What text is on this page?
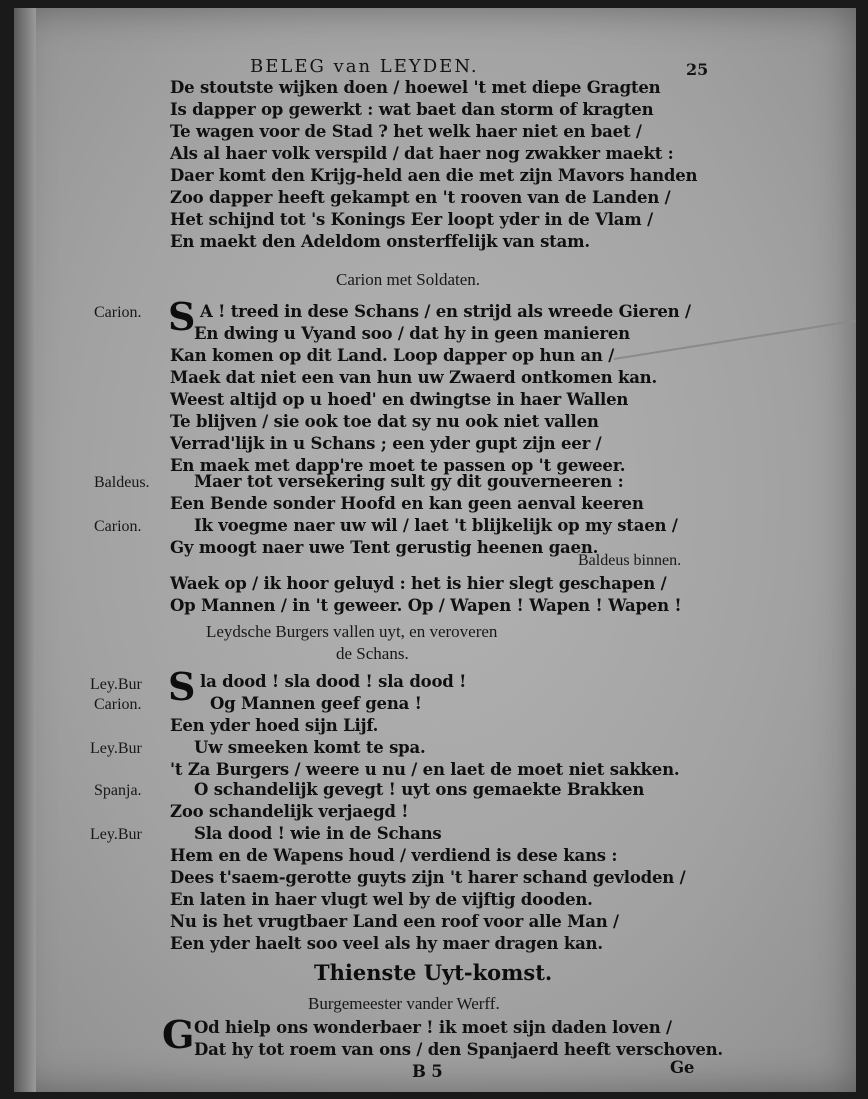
BELEG van LEYDEN.	25
De stoutste wijken doen / hoewel 't met diepe Gragten
Is dapper op gewerkt : wat baet dan storm of kragten
Te wagen voor de Stad ? het welk haer niet en baet /
Als al haer volk verspild / dat haer nog zwakker maekt :
Daer komt den Krijg-held aen die met zijn Mavors handen
Zoo dapper heeft gekampt en 't rooven van de Landen /
Het schijnd tot 's Konings Eer loopt yder in de Vlam /
En maekt den Adeldom onsterffelijk van stam.
Carion met Soldaten.
Carion. S A ! treed in dese Schans / en strijd als wreede Gieren /
En dwing u Vyand soo / dat hy in geen manieren
Kan komen op dit Land. Loop dapper op hun an /
Maek dat niet een van hun uw Zwaerd ontkomen kan.
Weest altijd op u hoed' en dwingtse in haer Wallen
Te blijven / sie ook toe dat sy nu ook niet vallen
Verrad'lijk in u Schans ; een yder gupt zijn eer /
En maek met dapp're moet te passen op 't geweer.
Baldeus.	Maer tot versekering sult gy dit gouverneeren :
Een Bende sonder Hoofd en kan geen aenval keeren
Carion.	Ik voegme naer uw wil / laet 't blijkelijk op my staen /
Gy moogt naer uwe Tent gerustig heenen gaen.
Baldeus binnen.
Waek op / ik hoor geluyd : het is hier slegt geschapen /
Op Mannen / in 't geweer. Op / Wapen ! Wapen ! Wapen !
Leydsche Burgers vallen uyt, en veroveren
de Schans.
Ley.Bur S la dood ! sla dood ! sla dood !
Carion.	Og Mannen geef gena !
Een yder hoed sijn Lijf.
Ley.Bur	Uw smeeken komt te spa.
't Za Burgers / weere u nu / en laet de moet niet sakken.
Spanja.	O schandelijk gevegt ! uyt ons gemaekte Brakken
Zoo schandelijk verjaegd !
Ley.Bur	Sla dood ! wie in de Schans
Hem en de Wapens houd / verdiend is dese kans :
Dees t'saem-gerotte guyts zijn 't harer schand gevloden /
En laten in haer vlugt wel by de vijftig dooden.
Nu is het vrugtbaer Land een roof voor alle Man /
Een yder haelt soo veel als hy maer dragen kan.
Thienste Uyt-komst.
Burgemeester vander Werff.
G Od hielp ons wonderbaer ! ik moet sijn daden loven /
Dat hy tot roem van ons / den Spanjaerd heeft verschoven.
B 5	Ge
